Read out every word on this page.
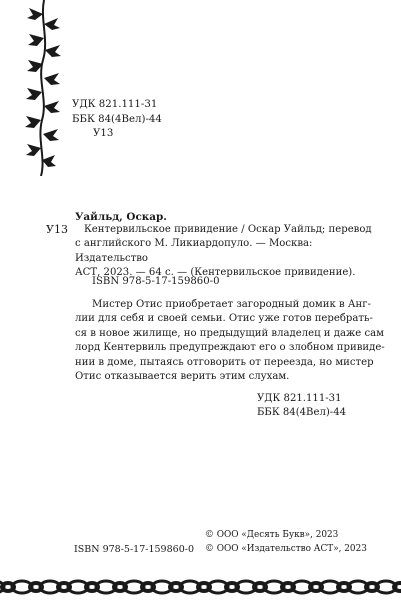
УДК 821.111-31
ББК 84(4Вел)-44
У13
Уайльд, Оскар.
У13	Кентервильское привидение / Оскар Уайльд; перевод
с английского М. Ликиардопуло. — Москва: Издательство
АСТ, 2023. — 64 с. — (Кентервильское привидение).
ISBN 978-5-17-159860-0
Мистер Отис приобретает загородный домик в Анг-
лии для себя и своей семьи. Отис уже готов перебрать-
ся в новое жилище, но предыдущий владелец и даже сам
лорд Кентервиль предупреждают его о злобном привиде-
нии в доме, пытаясь отговорить от переезда, но мистер
Отис отказывается верить этим слухам.
УДК 821.111-31
ББК 84(4Вел)-44
© ООО «Десять Букв», 2023
ISBN 978-5-17-159860-0 © ООО «Издательство АСТ», 2023
